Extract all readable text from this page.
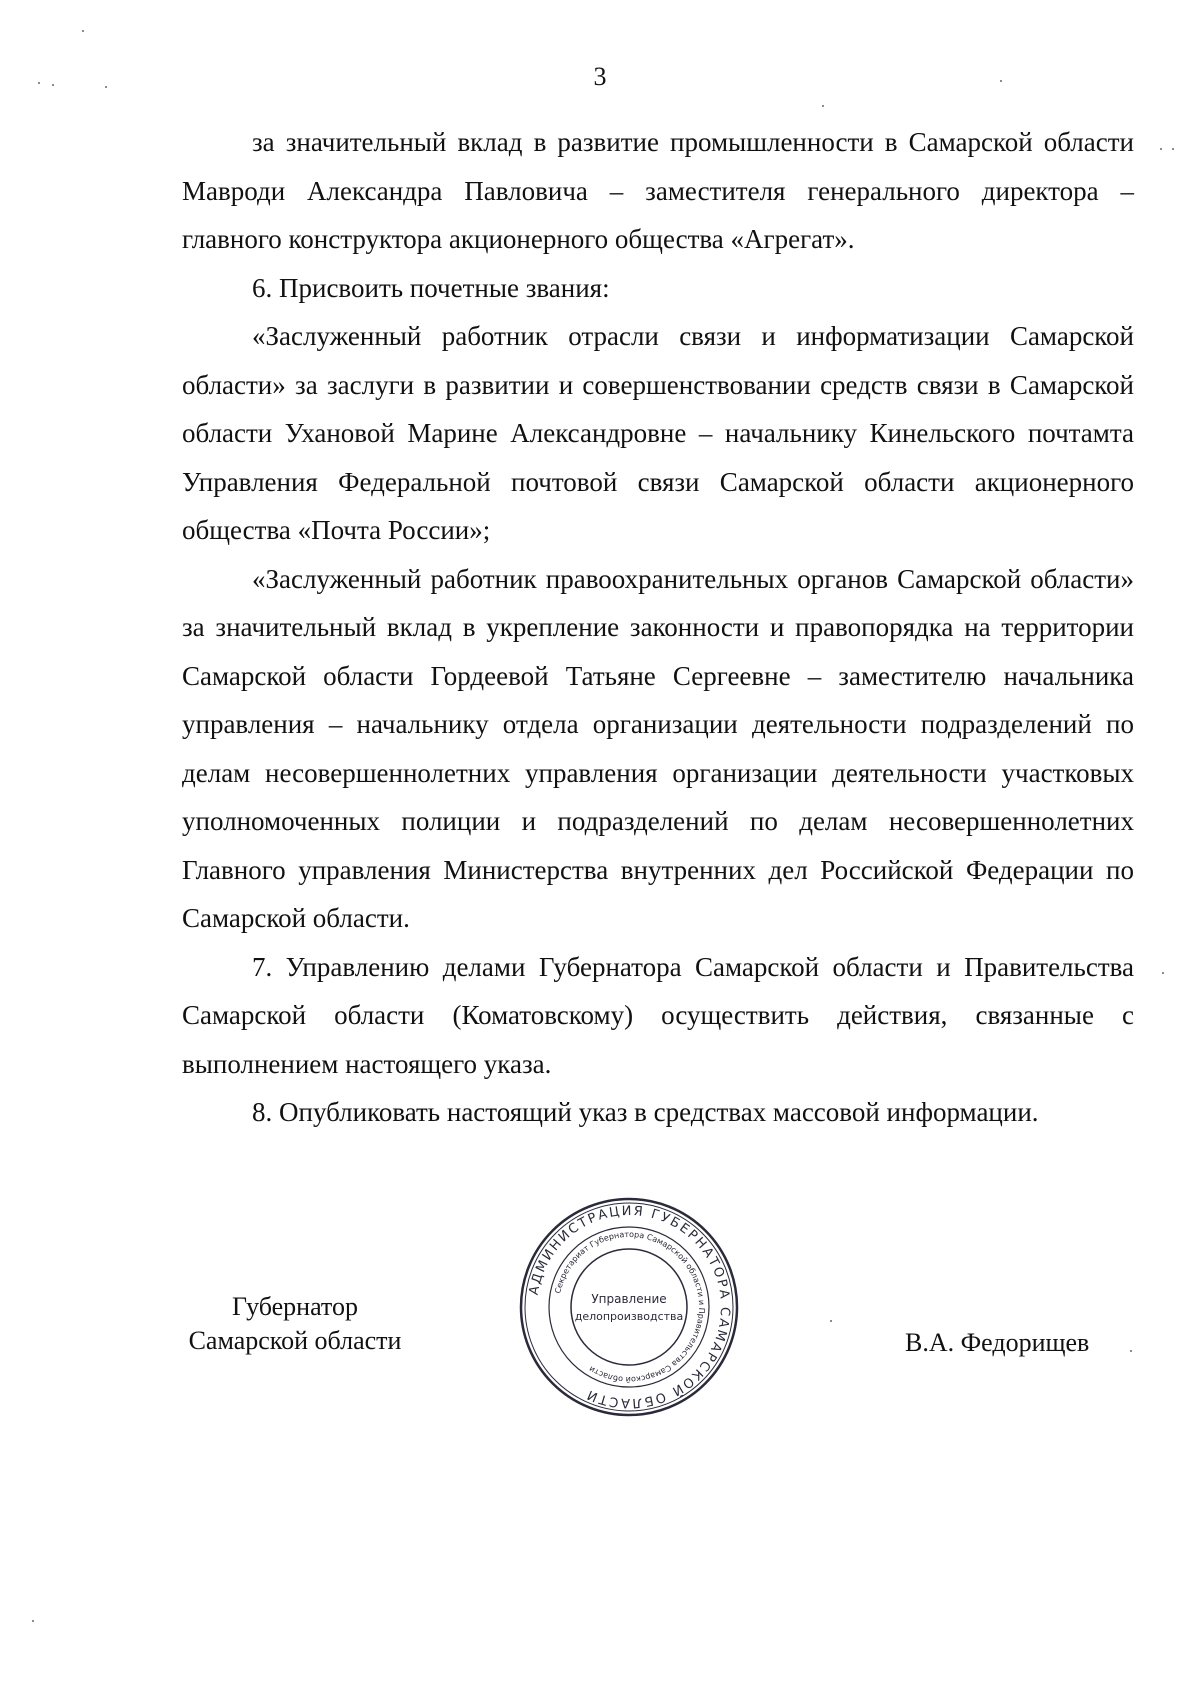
3

за значительный вклад в развитие промышленности в Самарской области Мавроди Александра Павловича – заместителя генерального директора – главного конструктора акционерного общества «Агрегат».

6. Присвоить почетные звания:

«Заслуженный работник отрасли связи и информатизации Самарской области» за заслуги в развитии и совершенствовании средств связи в Самарской области Ухановой Марине Александровне – начальнику Кинельского почтамта Управления Федеральной почтовой связи Самарской области акционерного общества «Почта России»;

«Заслуженный работник правоохранительных органов Самарской области» за значительный вклад в укрепление законности и правопорядка на территории Самарской области Гордеевой Татьяне Сергеевне – заместителю начальника управления – начальнику отдела организации деятельности подразделений по делам несовершеннолетних управления организации деятельности участковых уполномоченных полиции и подразделений по делам несовершеннолетних Главного управления Министерства внутренних дел Российской Федерации по Самарской области.

7. Управлению делами Губернатора Самарской области и Правительства Самарской области (Коматовскому) осуществить действия, связанные с выполнением настоящего указа.

8. Опубликовать настоящий указ в средствах массовой информации.

Губернатор
Самарской области
АДМИНИСТРАЦИЯ ГУБЕРНАТОРА САМАРСКОЙ ОБЛАСТИ
Секретариат Губернатора Самарской области и Правительства Самарской области
Управление
делопроизводства
В.А. Федорищев
